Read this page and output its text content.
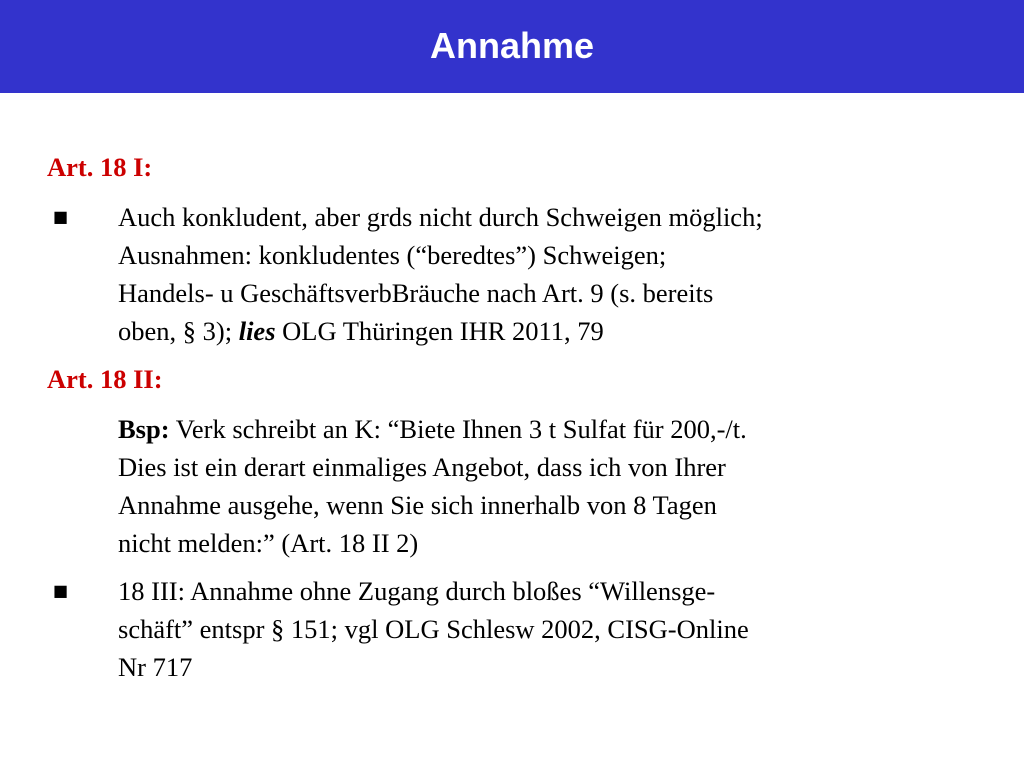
Annahme
Art. 18 I:
■ Auch konkludent, aber grds nicht durch Schweigen möglich;
Ausnahmen: konkludentes (“beredtes”) Schweigen;
Handels- u GeschäftsverbBräuche nach Art. 9 (s. bereits
oben, § 3); lies OLG Thüringen IHR 2011, 79
Art. 18 II:
Bsp: Verk schreibt an K: “Biete Ihnen 3 t Sulfat für 200,-/t.
Dies ist ein derart einmaliges Angebot, dass ich von Ihrer
Annahme ausgehe, wenn Sie sich innerhalb von 8 Tagen
nicht melden:” (Art. 18 II 2)
■ 18 III: Annahme ohne Zugang durch bloßes “Willensge-
schäft” entspr § 151; vgl OLG Schlesw 2002, CISG-Online
Nr 717
